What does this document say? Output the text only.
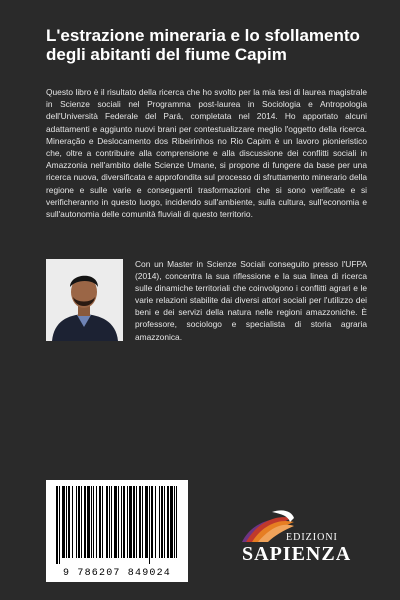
L'estrazione mineraria e lo sfollamento degli abitanti del fiume Capim

Questo libro è il risultato della ricerca che ho svolto per la mia tesi di laurea magistrale in Scienze sociali nel Programma post-laurea in Sociologia e Antropologia dell'Università Federale del Pará, completata nel 2014. Ho apportato alcuni adattamenti e aggiunto nuovi brani per contestualizzare meglio l'oggetto della ricerca. Mineração e Deslocamento dos Ribeirinhos no Rio Capim è un lavoro pionieristico che, oltre a contribuire alla comprensione e alla discussione dei conflitti sociali in Amazzonia nell'ambito delle Scienze Umane, si propone di fungere da base per una ricerca nuova, diversificata e approfondita sul processo di sfruttamento minerario della regione e sulle varie e conseguenti trasformazioni che si sono verificate e si verificheranno in questo luogo, incidendo sull'ambiente, sulla cultura, sull'economia e sull'autonomia delle comunità fluviali di questo territorio.

Con un Master in Scienze Sociali conseguito presso l'UFPA (2014), concentra la sua riflessione e la sua linea di ricerca sulle dinamiche territoriali che coinvolgono i conflitti agrari e le varie relazioni stabilite dai diversi attori sociali per l'utilizzo dei beni e dei servizi della natura nelle regioni amazzoniche. È professore, sociologo e specialista di storia agraria amazzonica.

9 786207 849024
EDIZIONI
SAPIENZA
